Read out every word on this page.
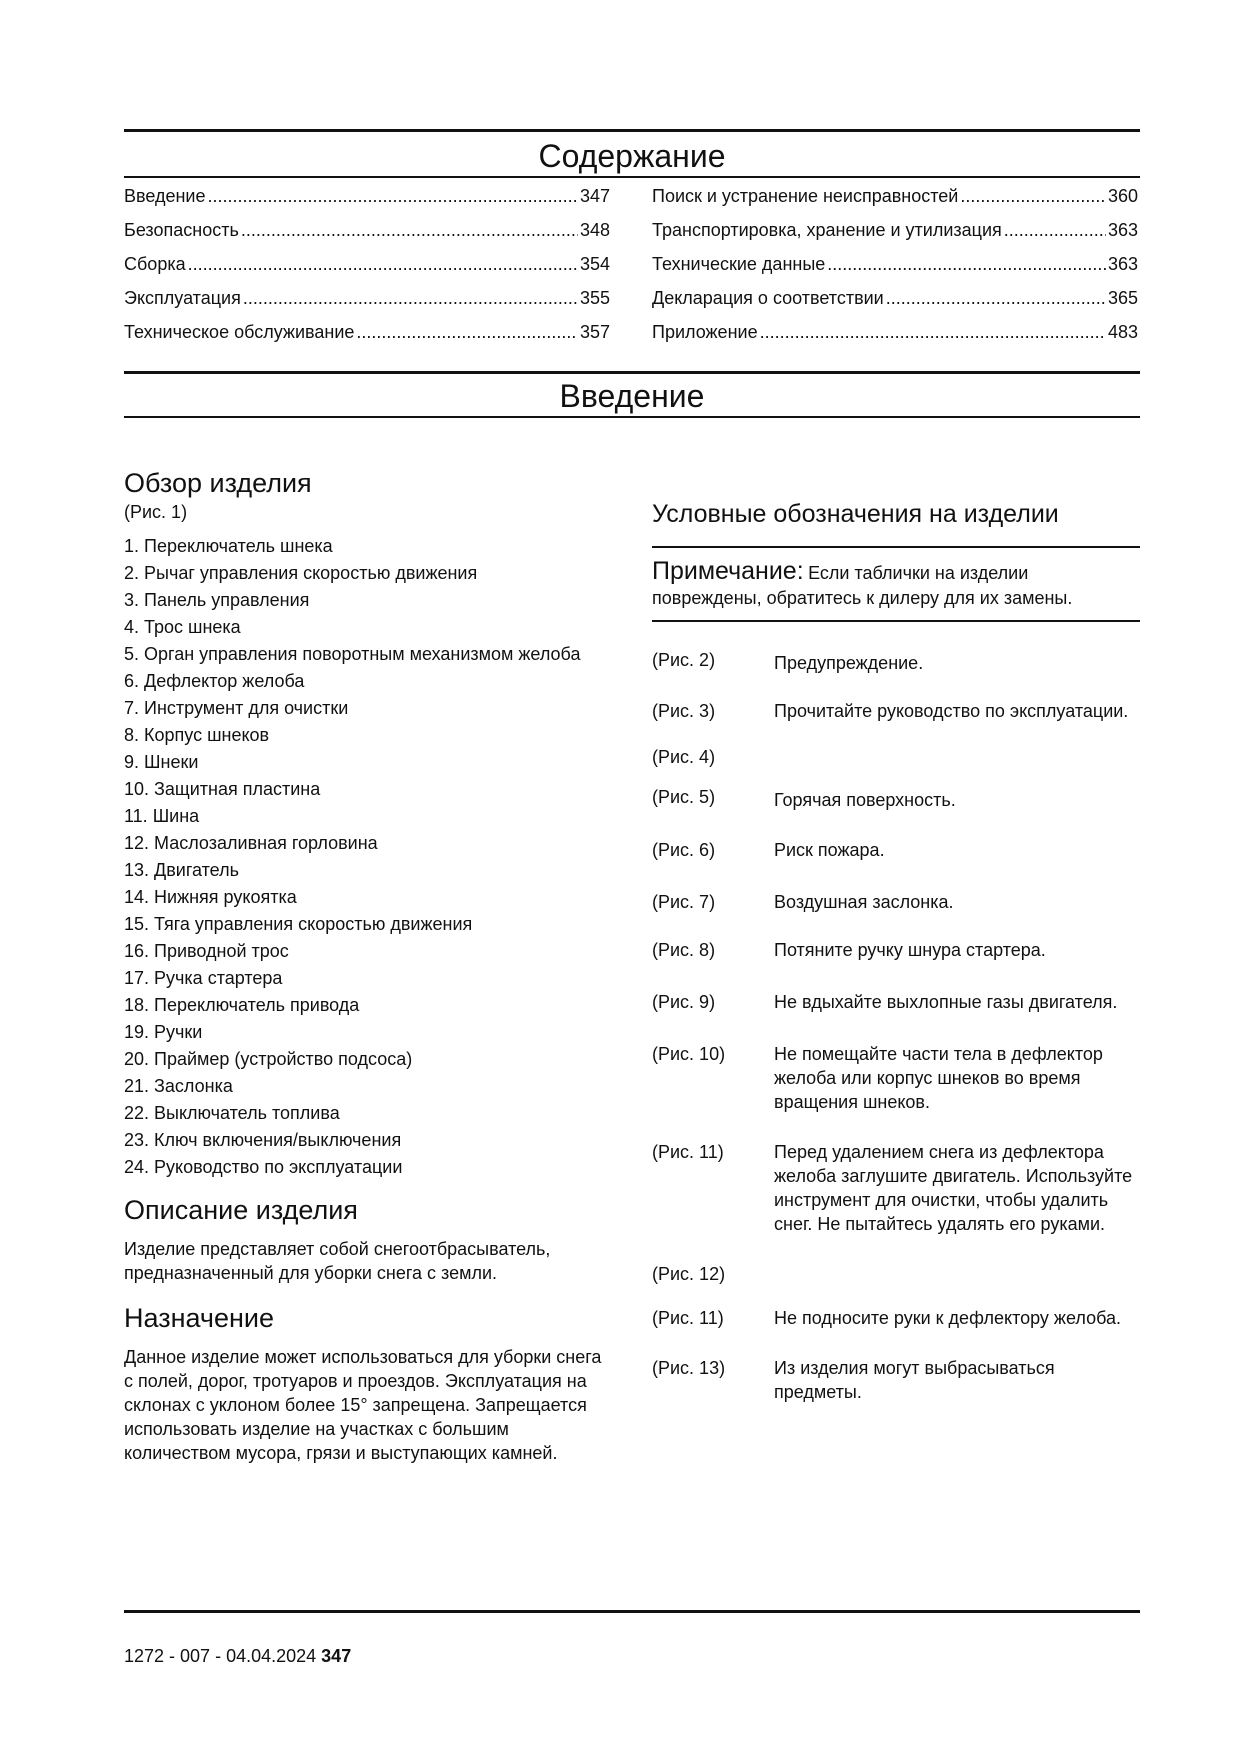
Содержание
Введение .....	347
Безопасность .....	348
Сборка .....	354
Эксплуатация .....	355
Техническое обслуживание .....	357
Поиск и устранение неисправностей .....	360
Транспортировка, хранение и утилизация .....	363
Технические данные .....	363
Декларация о соответствии .....	365
Приложение .....	483
Введение
Обзор изделия
(Рис. 1)
1. Переключатель шнека
2. Рычаг управления скоростью движения
3. Панель управления
4. Трос шнека
5. Орган управления поворотным механизмом желоба
6. Дефлектор желоба
7. Инструмент для очистки
8. Корпус шнеков
9. Шнеки
10. Защитная пластина
11. Шина
12. Маслозаливная горловина
13. Двигатель
14. Нижняя рукоятка
15. Тяга управления скоростью движения
16. Приводной трос
17. Ручка стартера
18. Переключатель привода
19. Ручки
20. Праймер (устройство подсоса)
21. Заслонка
22. Выключатель топлива
23. Ключ включения/выключения
24. Руководство по эксплуатации
Описание изделия

Изделие представляет собой снегоотбрасыватель, предназначенный для уборки снега с земли.

Назначение

Данное изделие может использоваться для уборки снега с полей, дорог, тротуаров и проездов. Эксплуатация на склонах с уклоном более 15° запрещена. Запрещается использовать изделие на участках с большим количеством мусора, грязи и выступающих камней.

Условные обозначения на изделии
Примечание: Если таблички на изделии повреждены, обратитесь к дилеру для их замены.
(Рис. 2)	Предупреждение.
(Рис. 3)	Прочитайте руководство по эксплуатации.
(Рис. 4)
(Рис. 5)	Горячая поверхность.
(Рис. 6)	Риск пожара.
(Рис. 7)	Воздушная заслонка.
(Рис. 8)	Потяните ручку шнура стартера.
(Рис. 9)	Не вдыхайте выхлопные газы двигателя.
(Рис. 10)	Не помещайте части тела в дефлектор желоба или корпус шнеков во время вращения шнеков.
(Рис. 11)	Перед удалением снега из дефлектора желоба заглушите двигатель. Используйте инструмент для очистки, чтобы удалить снег. Не пытайтесь удалять его руками.
(Рис. 12)
(Рис. 11)	Не подносите руки к дефлектору желоба.
(Рис. 13)	Из изделия могут выбрасываться предметы.
1272 - 007 - 04.04.2024 347
